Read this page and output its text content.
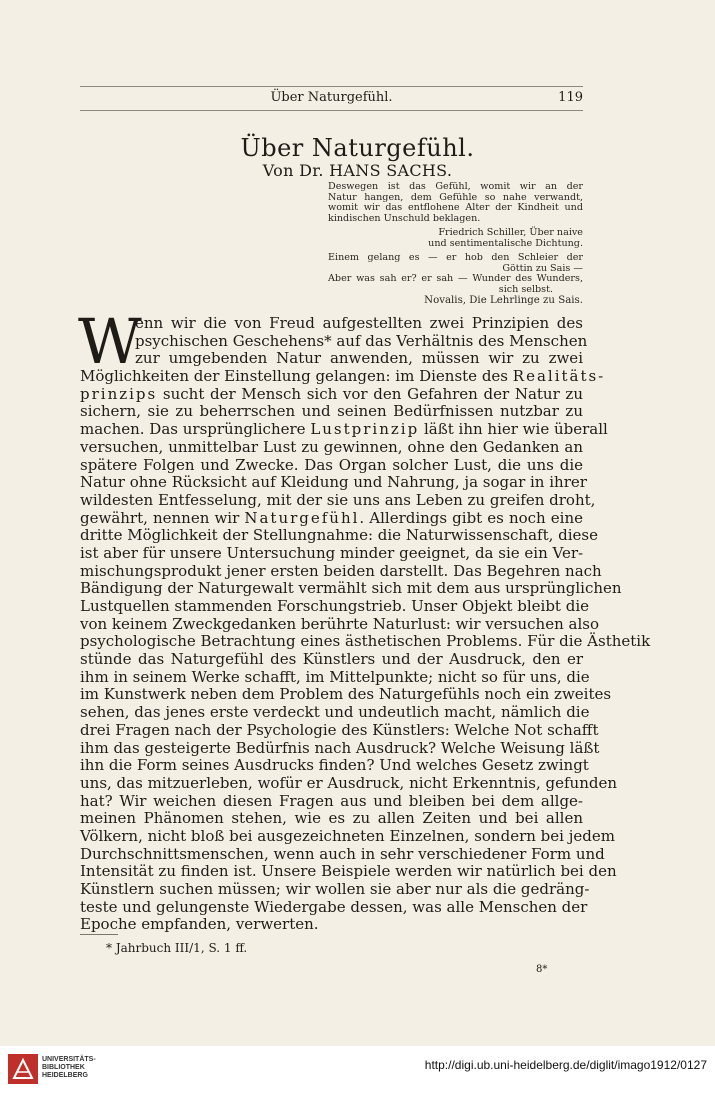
Über Naturgefühl.	119
Über Naturgefühl.
Von Dr. HANS SACHS.
Deswegen ist das Gefühl, womit wir an der
Natur hangen, dem Gefühle so nahe verwandt,
womit wir das entflohene Alter der Kindheit und
kindischen Unschuld beklagen.
Friedrich Schiller, Über naive
und sentimentalische Dichtung.
Einem gelang es — er hob den Schleier der
Göttin zu Sais —
Aber was sah er? er sah — Wunder des Wunders,
sich selbst.
Novalis, Die Lehrlinge zu Sais.
W
enn wir die von Freud aufgestellten zwei Prinzipien des
psychischen Geschehens* auf das Verhältnis des Menschen
zur umgebenden Natur anwenden, müssen wir zu zwei
Möglichkeiten der Einstellung gelangen: im Dienste des Realitäts-
prinzips sucht der Mensch sich vor den Gefahren der Natur zu
sichern, sie zu beherrschen und seinen Bedürfnissen nutzbar zu
machen. Das ursprünglichere Lustprinzip läßt ihn hier wie überall
versuchen, unmittelbar Lust zu gewinnen, ohne den Gedanken an
spätere Folgen und Zwecke. Das Organ solcher Lust, die uns die
Natur ohne Rücksicht auf Kleidung und Nahrung, ja sogar in ihrer
wildesten Entfesselung, mit der sie uns ans Leben zu greifen droht,
gewährt, nennen wir Naturgefühl. Allerdings gibt es noch eine
dritte Möglichkeit der Stellungnahme: die Naturwissenschaft, diese
ist aber für unsere Untersuchung minder geeignet, da sie ein Ver-
mischungsprodukt jener ersten beiden darstellt. Das Begehren nach
Bändigung der Naturgewalt vermählt sich mit dem aus ursprünglichen
Lustquellen stammenden Forschungstrieb. Unser Objekt bleibt die
von keinem Zweckgedanken berührte Naturlust: wir versuchen also
psychologische Betrachtung eines ästhetischen Problems. Für die Ästhetik
stünde das Naturgefühl des Künstlers und der Ausdruck, den er
ihm in seinem Werke schafft, im Mittelpunkte; nicht so für uns, die
im Kunstwerk neben dem Problem des Naturgefühls noch ein zweites
sehen, das jenes erste verdeckt und undeutlich macht, nämlich die
drei Fragen nach der Psychologie des Künstlers: Welche Not schafft
ihm das gesteigerte Bedürfnis nach Ausdruck? Welche Weisung läßt
ihn die Form seines Ausdrucks finden? Und welches Gesetz zwingt
uns, das mitzuerleben, wofür er Ausdruck, nicht Erkenntnis, gefunden
hat? Wir weichen diesen Fragen aus und bleiben bei dem allge-
meinen Phänomen stehen, wie es zu allen Zeiten und bei allen
Völkern, nicht bloß bei ausgezeichneten Einzelnen, sondern bei jedem
Durchschnittsmenschen, wenn auch in sehr verschiedener Form und
Intensität zu finden ist. Unsere Beispiele werden wir natürlich bei den
Künstlern suchen müssen; wir wollen sie aber nur als die gedräng-
teste und gelungenste Wiedergabe dessen, was alle Menschen der
Epoche empfanden, verwerten.
* Jahrbuch III/1, S. 1 ff.
8*
UNIVERSITÄTS-
BIBLIOTHEK
HEIDELBERG
http://digi.ub.uni-heidelberg.de/diglit/imago1912/0127
